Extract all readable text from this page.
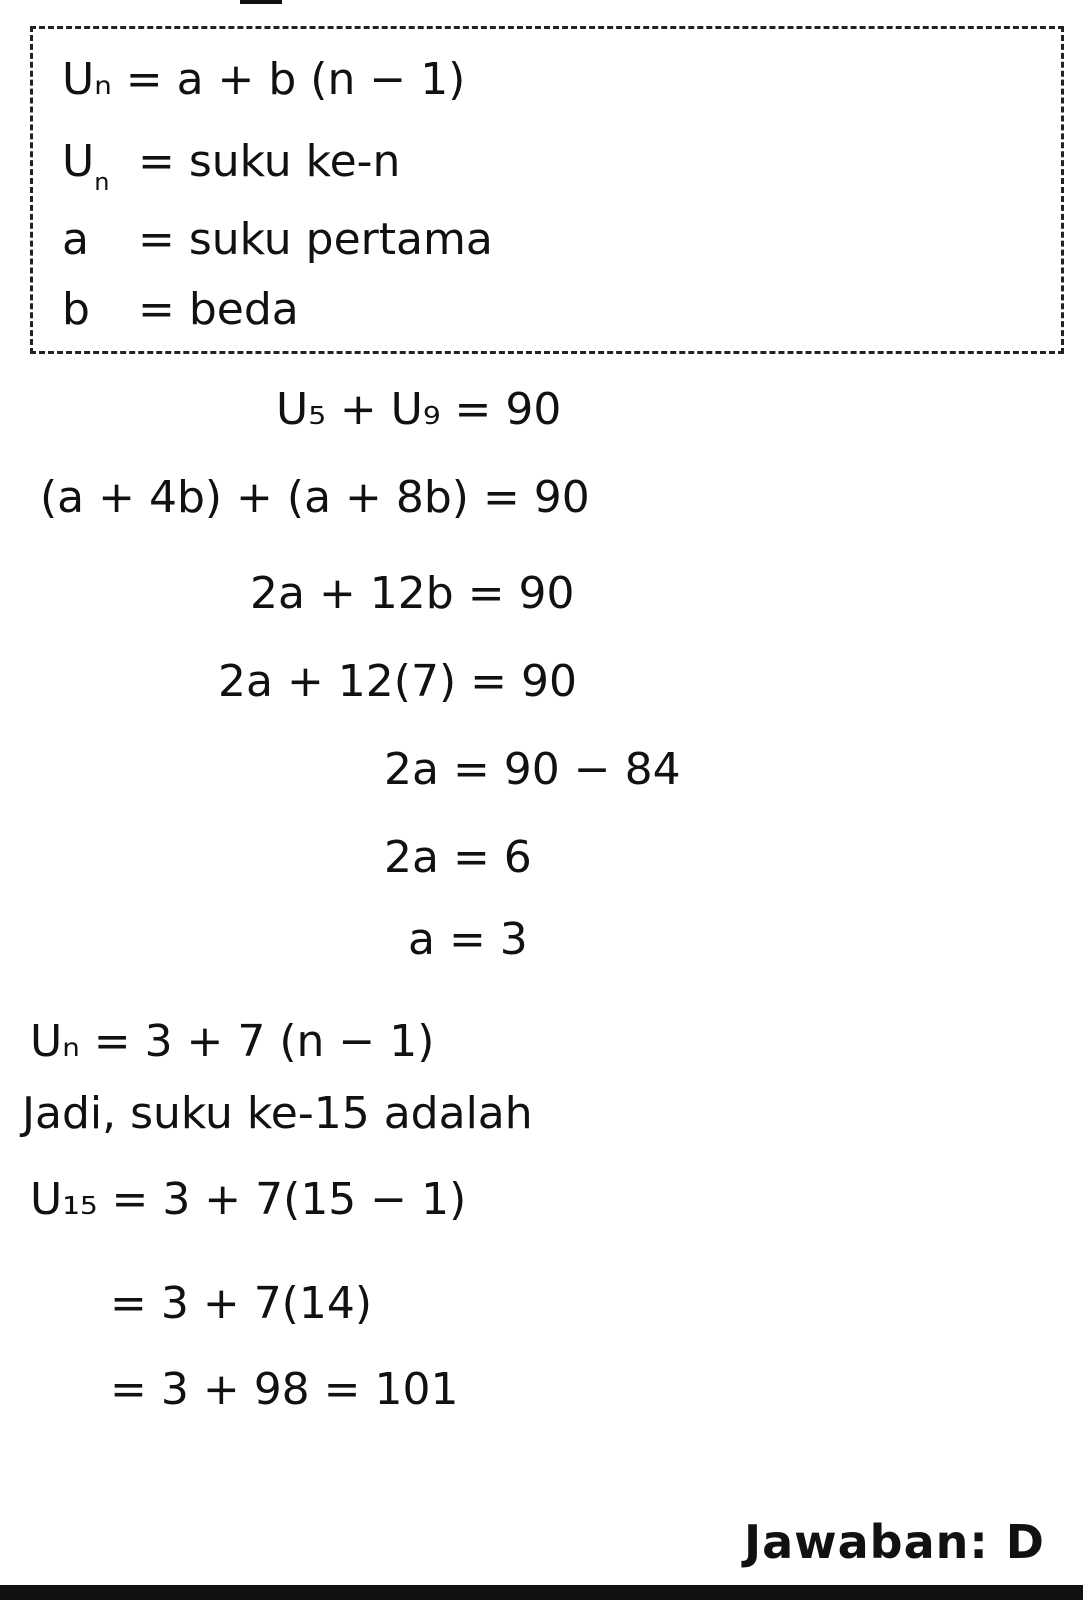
Uₙ = a + b (n − 1)
$U_n$ = suku ke-n
a = suku pertama
b = beda
U₅ + U₉ = 90
(a + 4b) + (a + 8b) = 90
2a + 12b = 90
2a + 12(7) = 90
2a = 90 − 84
2a = 6
a = 3
Uₙ = 3 + 7 (n − 1)
Jadi, suku ke-15 adalah
U₁₅ = 3 + 7(15 − 1)
= 3 + 7(14)
= 3 + 98 = 101
Jawaban: D
